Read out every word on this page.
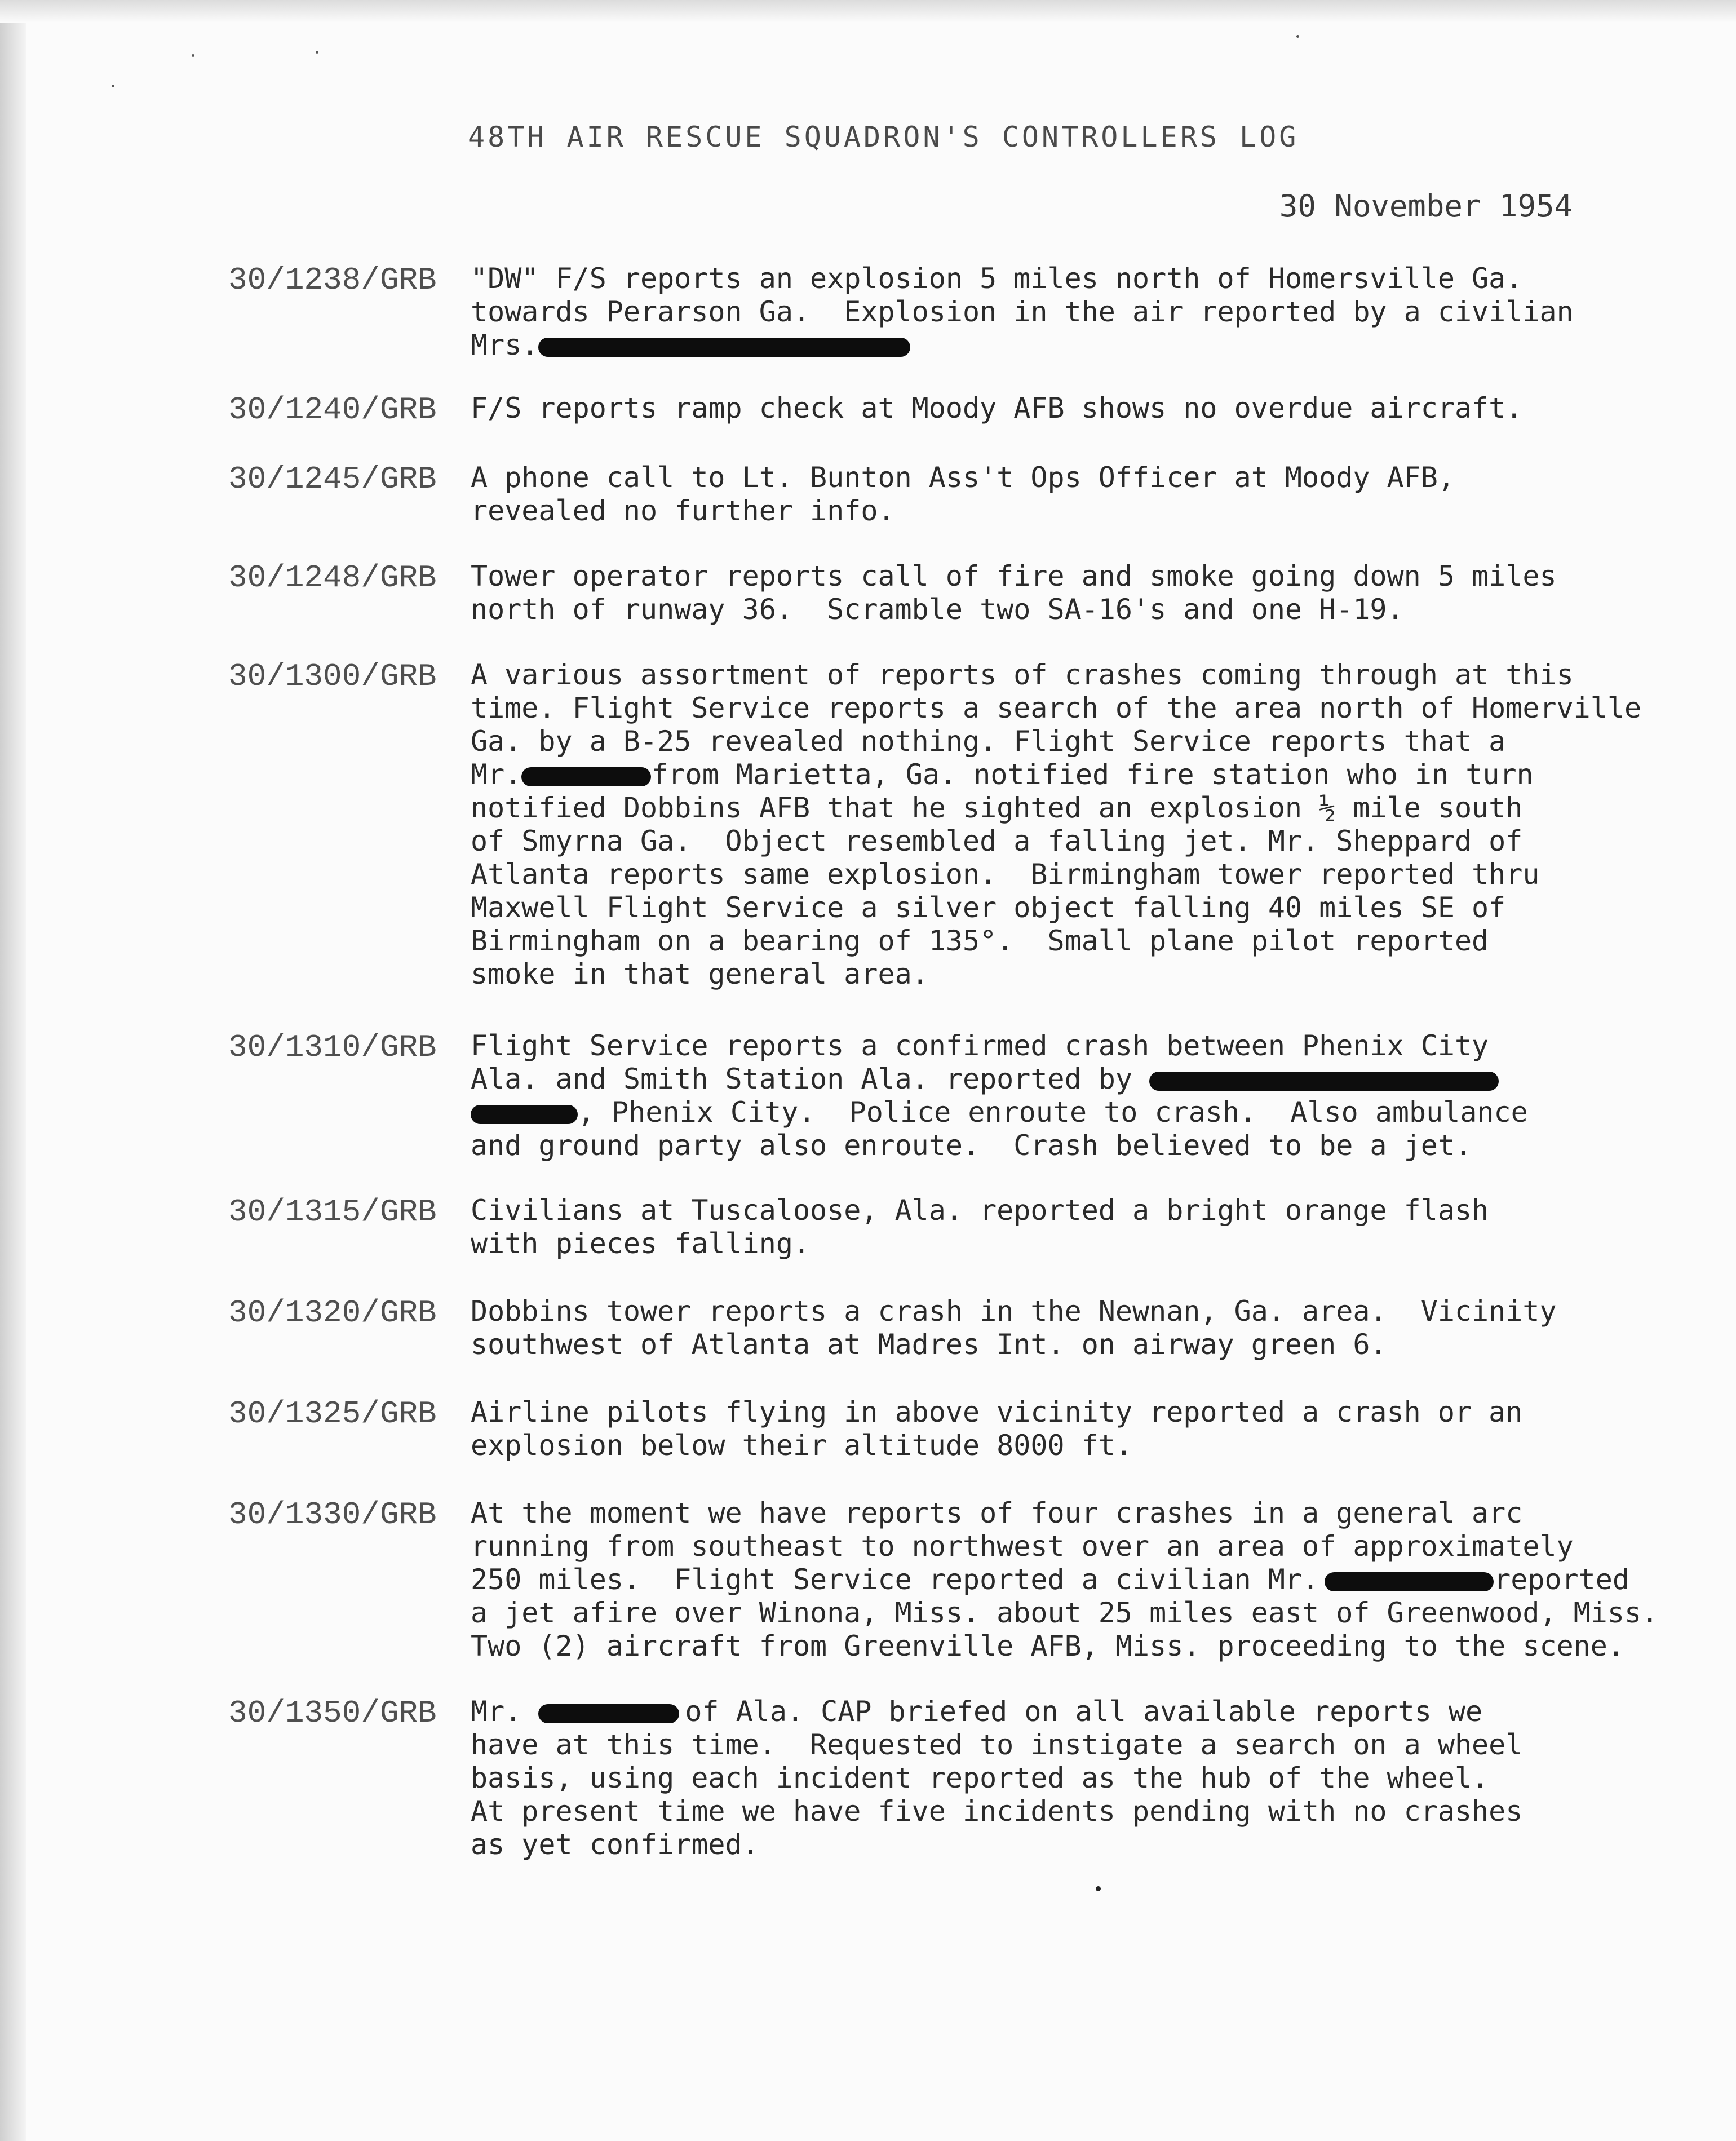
48TH AIR RESCUE SQUADRON'S CONTROLLERS LOG
30 November 1954
30/1238/GRB "DW" F/S reports an explosion 5 miles north of Homersville Ga.
towards Perarson Ga.  Explosion in the air reported by a civilian
Mrs.
30/1240/GRB F/S reports ramp check at Moody AFB shows no overdue aircraft.
30/1245/GRB A phone call to Lt. Bunton Ass't Ops Officer at Moody AFB,
revealed no further info.
30/1248/GRB Tower operator reports call of fire and smoke going down 5 miles
north of runway 36.  Scramble two SA-16's and one H-19.
30/1300/GRB A various assortment of reports of crashes coming through at this
time. Flight Service reports a search of the area north of Homerville
Ga. by a B-25 revealed nothing. Flight Service reports that a
Mr.	from Marietta, Ga. notified fire station who in turn
notified Dobbins AFB that he sighted an explosion ½ mile south
of Smyrna Ga.  Object resembled a falling jet. Mr. Sheppard of
Atlanta reports same explosion.  Birmingham tower reported thru
Maxwell Flight Service a silver object falling 40 miles SE of
Birmingham on a bearing of 135°.  Small plane pilot reported
smoke in that general area.
30/1310/GRB Flight Service reports a confirmed crash between Phenix City
Ala. and Smith Station Ala. reported by
, Phenix City.  Police enroute to crash.  Also ambulance
and ground party also enroute.  Crash believed to be a jet.
30/1315/GRB Civilians at Tuscaloose, Ala. reported a bright orange flash
with pieces falling.
30/1320/GRB Dobbins tower reports a crash in the Newnan, Ga. area.  Vicinity
southwest of Atlanta at Madres Int. on airway green 6.
30/1325/GRB Airline pilots flying in above vicinity reported a crash or an
explosion below their altitude 8000 ft.
30/1330/GRB At the moment we have reports of four crashes in a general arc
running from southeast to northwest over an area of approximately
250 miles.  Flight Service reported a civilian Mr.	reported
a jet afire over Winona, Miss. about 25 miles east of Greenwood, Miss.
Two (2) aircraft from Greenville AFB, Miss. proceeding to the scene.
30/1350/GRB Mr.	of Ala. CAP briefed on all available reports we
have at this time.  Requested to instigate a search on a wheel
basis, using each incident reported as the hub of the wheel.
At present time we have five incidents pending with no crashes
as yet confirmed.
